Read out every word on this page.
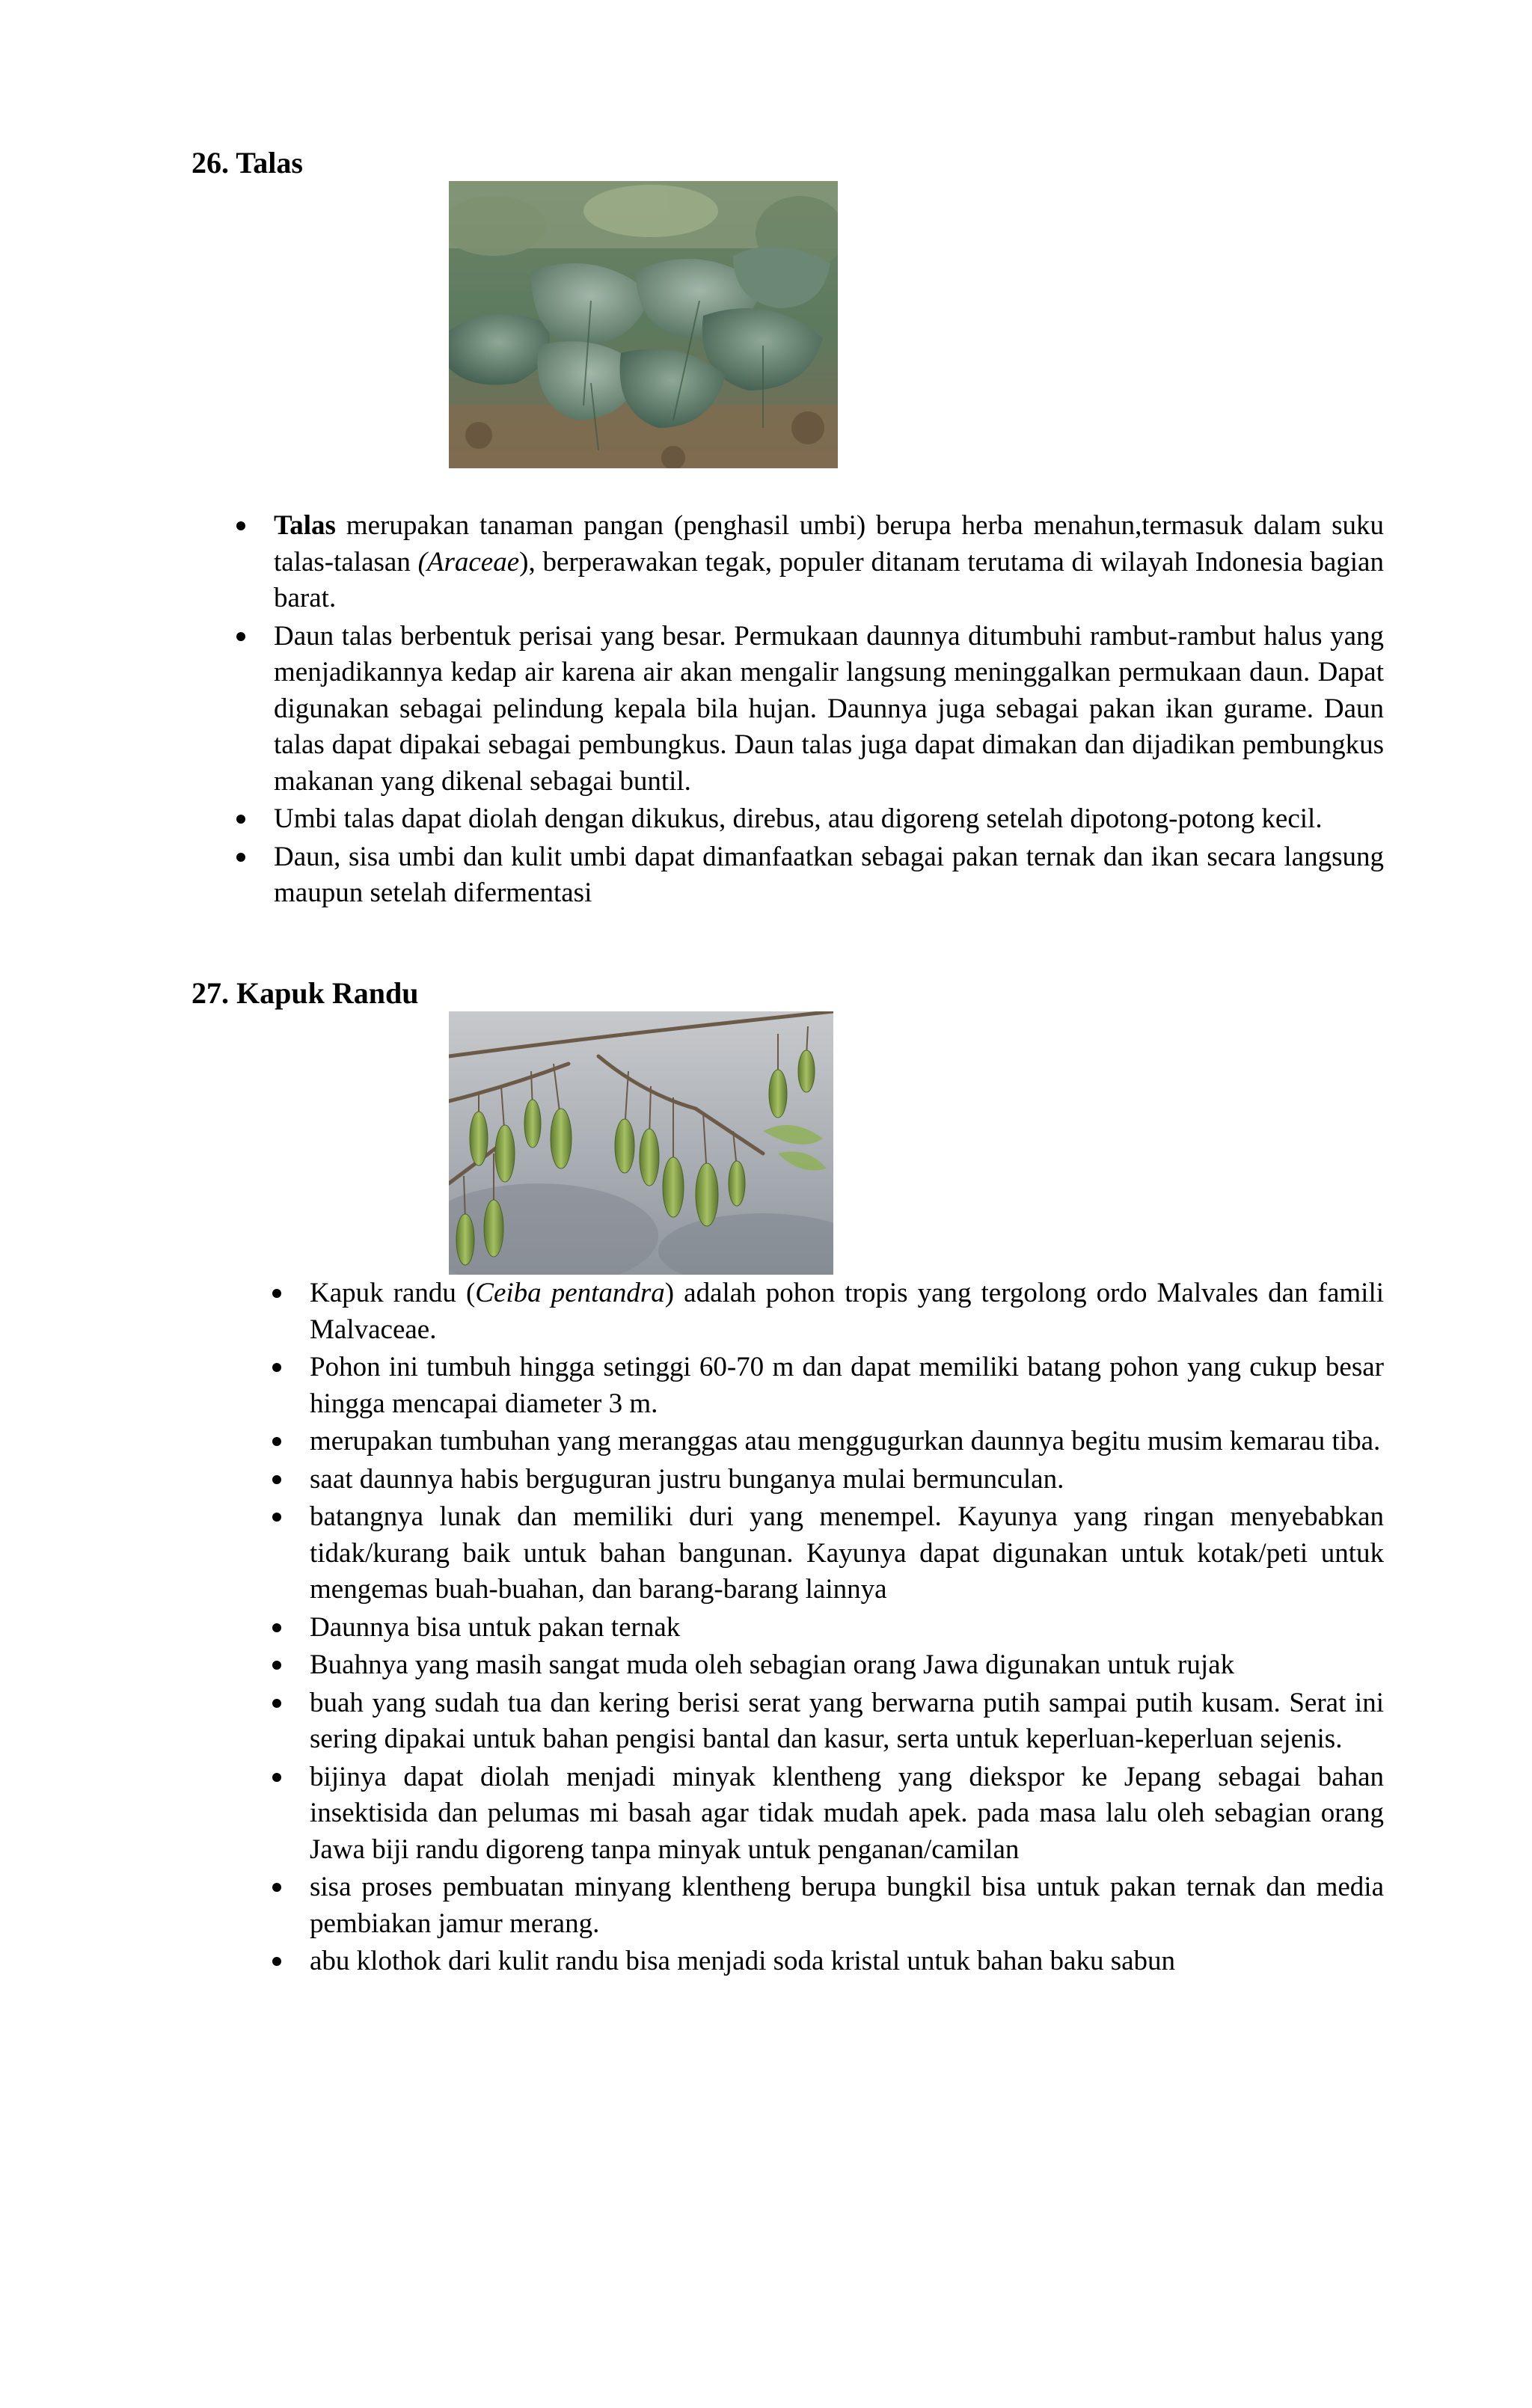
26. Talas
Talas merupakan tanaman pangan (penghasil umbi) berupa herba menahun,termasuk dalam suku talas-talasan (Araceae), berperawakan tegak, populer ditanam terutama di wilayah Indonesia bagian barat.
Daun talas berbentuk perisai yang besar. Permukaan daunnya ditumbuhi rambut-rambut halus yang menjadikannya kedap air karena air akan mengalir langsung meninggalkan permukaan daun. Dapat digunakan sebagai pelindung kepala bila hujan. Daunnya juga sebagai pakan ikan gurame. Daun talas dapat dipakai sebagai pembungkus. Daun talas juga dapat dimakan dan dijadikan pembungkus makanan yang dikenal sebagai buntil.
Umbi talas dapat diolah dengan dikukus, direbus, atau digoreng setelah dipotong-potong kecil.
Daun, sisa umbi dan kulit umbi dapat dimanfaatkan sebagai pakan ternak dan ikan secara langsung maupun setelah difermentasi
27. Kapuk Randu
Kapuk randu (Ceiba pentandra) adalah pohon tropis yang tergolong ordo Malvales dan famili Malvaceae.
Pohon ini tumbuh hingga setinggi 60-70 m dan dapat memiliki batang pohon yang cukup besar hingga mencapai diameter 3 m.
merupakan tumbuhan yang meranggas atau menggugurkan daunnya begitu musim kemarau tiba.
saat daunnya habis berguguran justru bunganya mulai bermunculan.
batangnya lunak dan memiliki duri yang menempel. Kayunya yang ringan menyebabkan tidak/kurang baik untuk bahan bangunan. Kayunya dapat digunakan untuk kotak/peti untuk mengemas buah-buahan, dan barang-barang lainnya
Daunnya bisa untuk pakan ternak
Buahnya yang masih sangat muda oleh sebagian orang Jawa digunakan untuk rujak
buah yang sudah tua dan kering berisi serat yang berwarna putih sampai putih kusam. Serat ini sering dipakai untuk bahan pengisi bantal dan kasur, serta untuk keperluan-keperluan sejenis.
bijinya dapat diolah menjadi minyak klentheng yang diekspor ke Jepang sebagai bahan insektisida dan pelumas mi basah agar tidak mudah apek. pada masa lalu oleh sebagian orang Jawa biji randu digoreng tanpa minyak untuk penganan/camilan
sisa proses pembuatan minyang klentheng berupa bungkil bisa untuk pakan ternak dan media pembiakan jamur merang.
abu klothok dari kulit randu bisa menjadi soda kristal untuk bahan baku sabun
